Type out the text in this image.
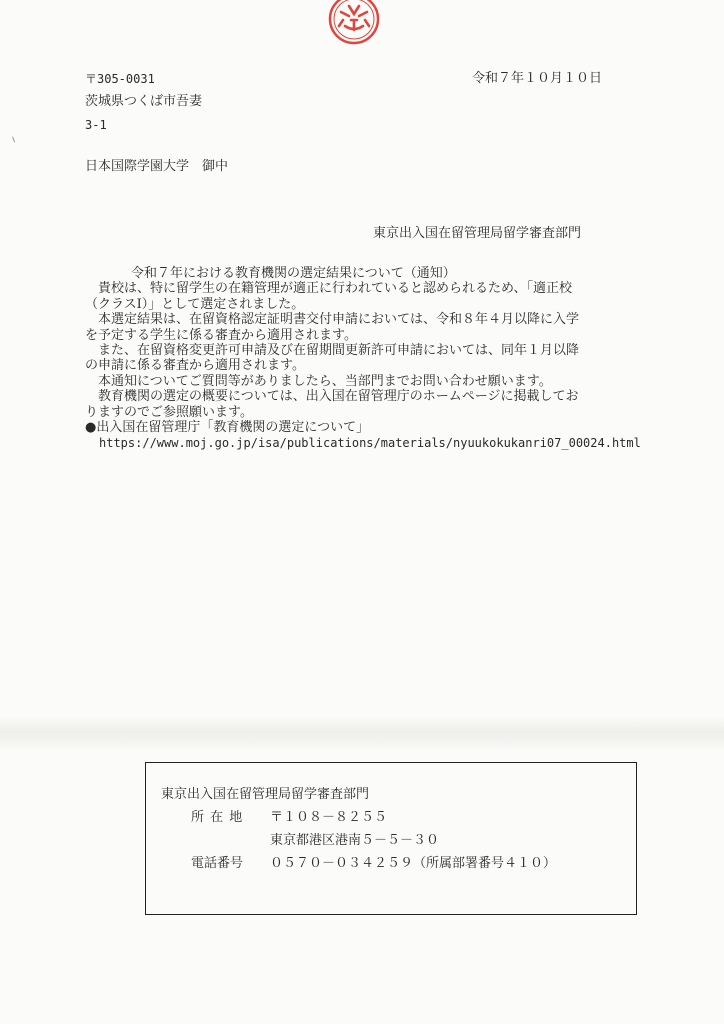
〒305-0031	令和７年１０月１０日
茨城県つくば市吾妻
3-1
日本国際学園大学　御中
東京出入国在留管理局留学審査部門
令和７年における教育機関の選定結果について（通知）
貴校は、特に留学生の在籍管理が適正に行われていると認められるため、「適正校
（クラスⅠ）」として選定されました。
本選定結果は、在留資格認定証明書交付申請においては、令和８年４月以降に入学
を予定する学生に係る審査から適用されます。
また、在留資格変更許可申請及び在留期間更新許可申請においては、同年１月以降
の申請に係る審査から適用されます。
本通知についてご質問等がありましたら、当部門までお問い合わせ願います。
教育機関の選定の概要については、出入国在留管理庁のホームページに掲載してお
りますのでご参照願います。
●出入国在留管理庁「教育機関の選定について」
https://www.moj.go.jp/isa/publications/materials/nyuukokukanri07_00024.html
東京出入国在留管理局留学審査部門
所 在 地 〒１０８－８２５５
東京都港区港南５－５－３０
電話番号 ０５７０－０３４２５９（所属部署番号４１０）
